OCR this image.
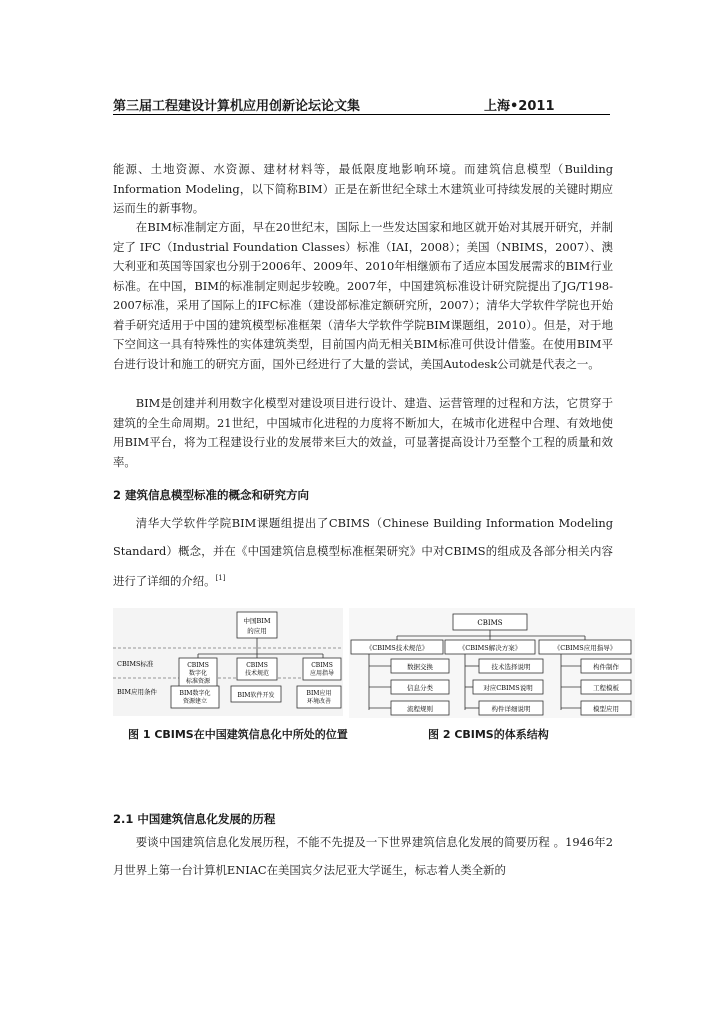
第三届工程建设计算机应用创新论坛论文集	上海•2011

能源、土地资源、水资源、建材材料等，最低限度地影响环境。而建筑信息模型（Building Information Modeling，以下简称BIM）正是在新世纪全球土木建筑业可持续发展的关键时期应运而生的新事物。

在BIM标准制定方面，早在20世纪末，国际上一些发达国家和地区就开始对其展开研究，并制定了 IFC（Industrial Foundation Classes）标准（IAI，2008）；美国（NBIMS，2007）、澳大利亚和英国等国家也分别于2006年、2009年、2010年相继颁布了适应本国发展需求的BIM行业标准。在中国，BIM的标准制定则起步较晚。2007年，中国建筑标准设计研究院提出了JG/T198-2007标准，采用了国际上的IFC标准（建设部标准定额研究所，2007）；清华大学软件学院也开始着手研究适用于中国的建筑模型标准框架（清华大学软件学院BIM课题组，2010）。但是，对于地下空间这一具有特殊性的实体建筑类型，目前国内尚无相关BIM标准可供设计借鉴。在使用BIM平台进行设计和施工的研究方面，国外已经进行了大量的尝试，美国Autodesk公司就是代表之一。

BIM是创建并利用数字化模型对建设项目进行设计、建造、运营管理的过程和方法，它贯穿于建筑的全生命周期。21世纪，中国城市化进程的力度将不断加大，在城市化进程中合理、有效地使用BIM平台，将为工程建设行业的发展带来巨大的效益，可显著提高设计乃至整个工程的质量和效率。

2 建筑信息模型标准的概念和研究方向

清华大学软件学院BIM课题组提出了CBIMS（Chinese Building Information Modeling Standard）概念，并在《中国建筑信息模型标准框架研究》中对CBIMS的组成及各部分相关内容进行了详细的介绍。[1]

中国BIM
的应用
CBIMS标准	CBIMS
数字化
标准资源
CBIMS
技术规范
CBIMS
应用指导
BIM应用条件	BIM数字化
资源建立
BIM软件开发	BIM应用
环境改善
图 1 CBIMS在中国建筑信息化中所处的位置
CBIMS
《CBIMS技术规范》	《CBIMS解决方案》	《CBIMS应用指导》
数据交换
信息分类
流程规则
技术选择说明
对应CBIMS说明
构件详细说明
构件制作
工程模板
模型应用
图 2 CBIMS的体系结构

2.1 中国建筑信息化发展的历程

要谈中国建筑信息化发展历程，不能不先提及一下世界建筑信息化发展的简要历程 。1946年2月世界上第一台计算机ENIAC在美国宾夕法尼亚大学诞生，标志着人类全新的
